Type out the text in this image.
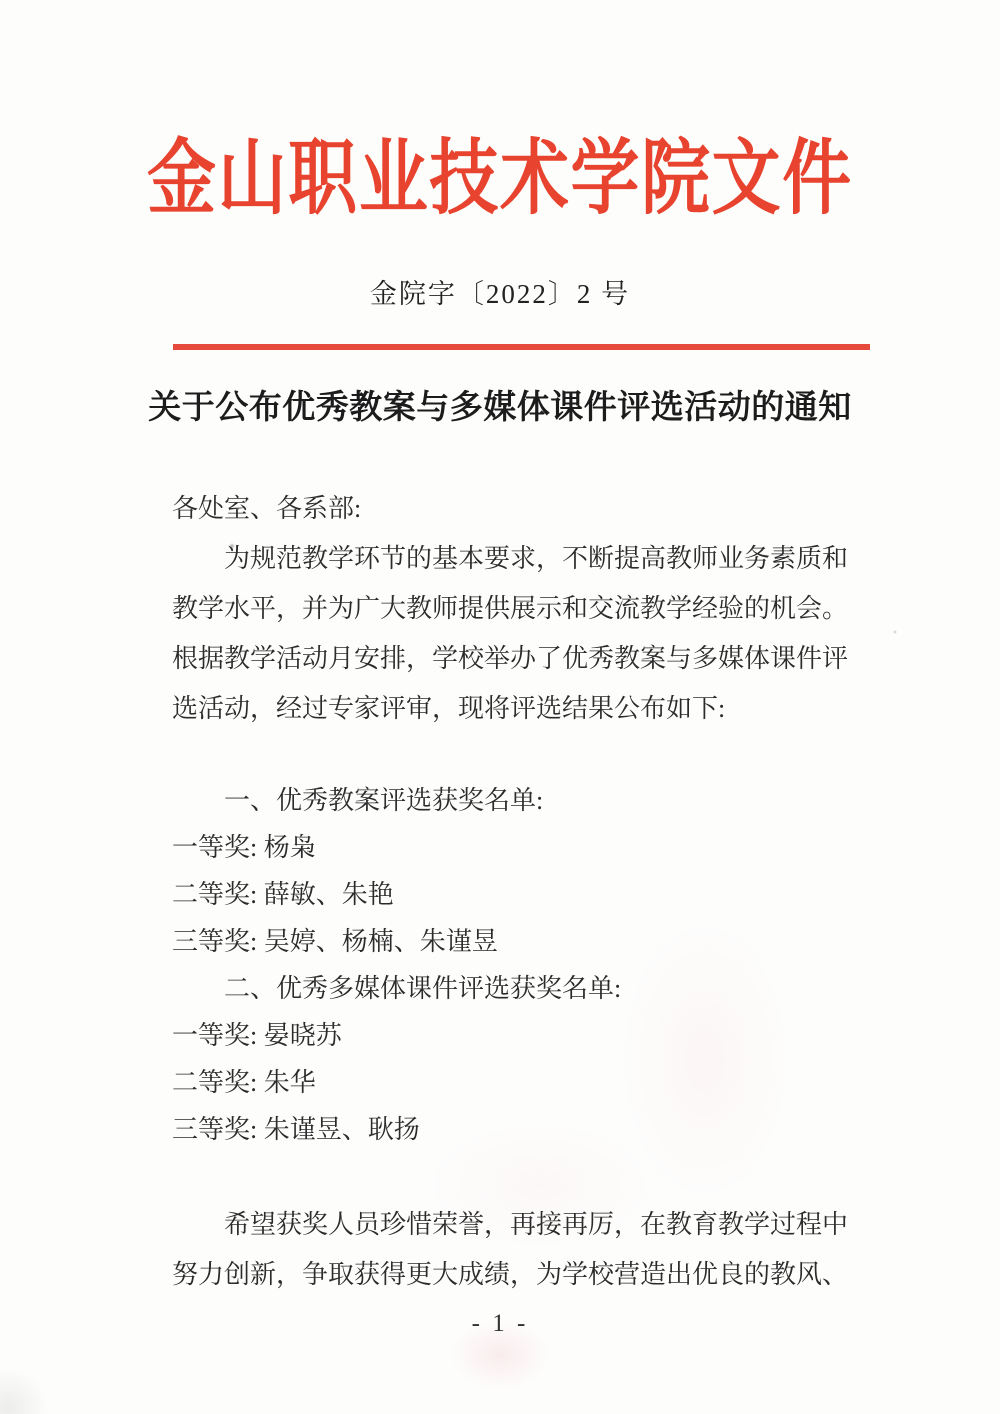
金山职业技术学院文件
金院字〔2022〕2 号
关于公布优秀教案与多媒体课件评选活动的通知
各处室、各系部:
为规范教学环节的基本要求，不断提高教师业务素质和
教学水平，并为广大教师提供展示和交流教学经验的机会。
根据教学活动月安排，学校举办了优秀教案与多媒体课件评
选活动，经过专家评审，现将评选结果公布如下:
一、优秀教案评选获奖名单:
一等奖: 杨枭
二等奖: 薛敏、朱艳
三等奖: 吴婷、杨楠、朱谨昱
二、优秀多媒体课件评选获奖名单:
一等奖: 晏晓苏
二等奖: 朱华
三等奖: 朱谨昱、耿扬
希望获奖人员珍惜荣誉，再接再厉，在教育教学过程中
努力创新，争取获得更大成绩，为学校营造出优良的教风、
- 1 -
